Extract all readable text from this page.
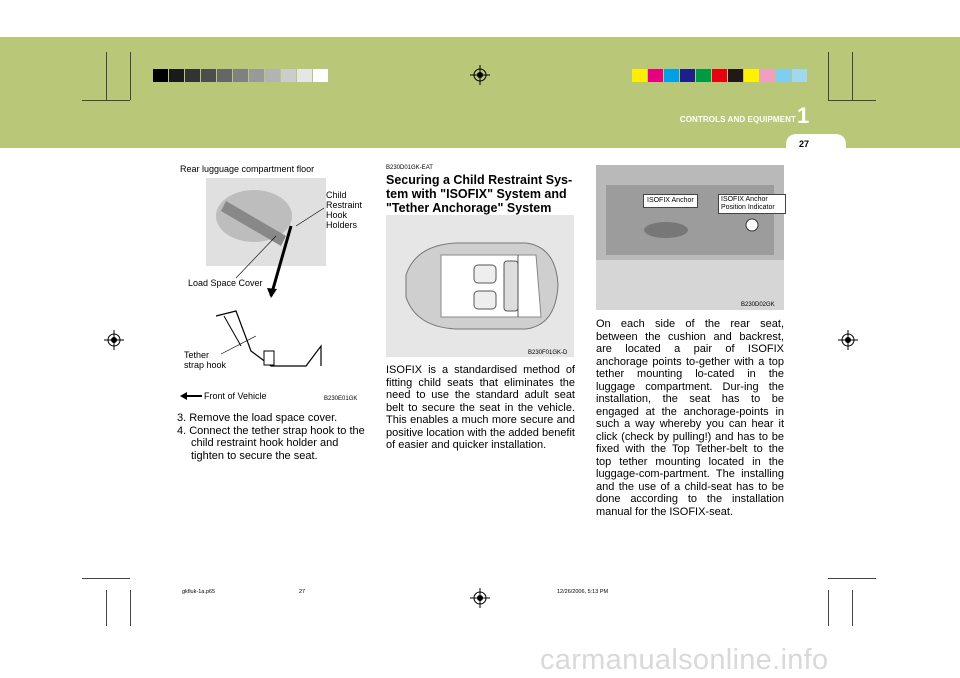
CONTROLS AND EQUIPMENT 1
27
Rear lugguage compartment floor
Child
Restraint
Hook
Holders
Load Space Cover
Tether
strap hook
Front of Vehicle	B230E01GK
3. Remove the load space cover.
4. Connect the tether strap hook to the child restraint hook holder and tighten to secure the seat.
B230D01GK-EAT
Securing a Child Restraint Sys-tem with "ISOFIX" System and "Tether Anchorage" System
B230F01GK-D
ISOFIX is a standardised method of fitting child seats that eliminates the need to use the standard adult seat belt to secure the seat in the vehicle. This enables a much more secure and positive location with the added benefit of easier and quicker installation.
ISOFIX Anchor	ISOFIX Anchor Position Indicator
B230D02GK
On each side of the rear seat, between the cushion and backrest, are located a pair of ISOFIX anchorage points to-gether with a top tether mounting lo-cated in the luggage compartment. Dur-ing the installation, the seat has to be engaged at the anchorage-points in such a way whereby you can hear it click (check by pulling!) and has to be fixed with the Top Tether-belt to the top tether mounting located in the luggage-com-partment. The installing and the use of a child-seat has to be done according to the installation manual for the ISOFIX-seat.
gkfluk-1a.p65	27	12/26/2006, 5:13 PM
carmanualsonline.info
